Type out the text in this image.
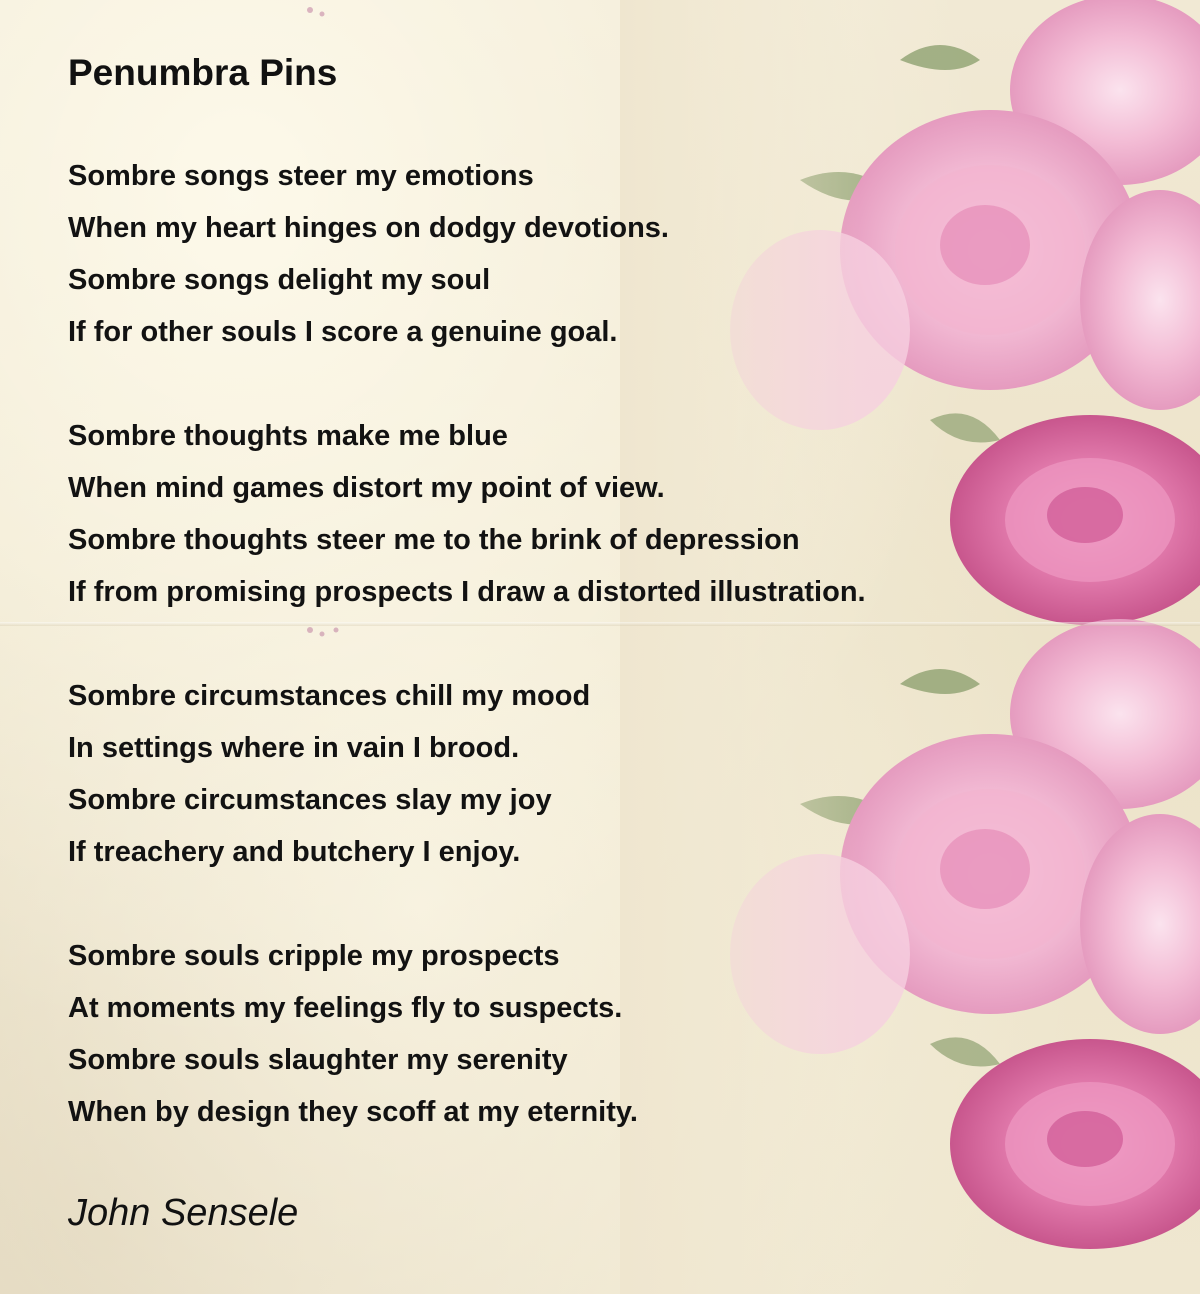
Penumbra Pins
Sombre songs steer my emotions
When my heart hinges on dodgy devotions.
Sombre songs delight my soul
If for other souls I score a genuine goal.
Sombre thoughts make me blue
When mind games distort my point of view.
Sombre thoughts steer me to the brink of depression
If from promising prospects I draw a distorted illustration.
Sombre circumstances chill my mood
In settings where in vain I brood.
Sombre circumstances slay my joy
If treachery and butchery I enjoy.
Sombre souls cripple my prospects
At moments my feelings fly to suspects.
Sombre souls slaughter my serenity
When by design they scoff at my eternity.

John Sensele
